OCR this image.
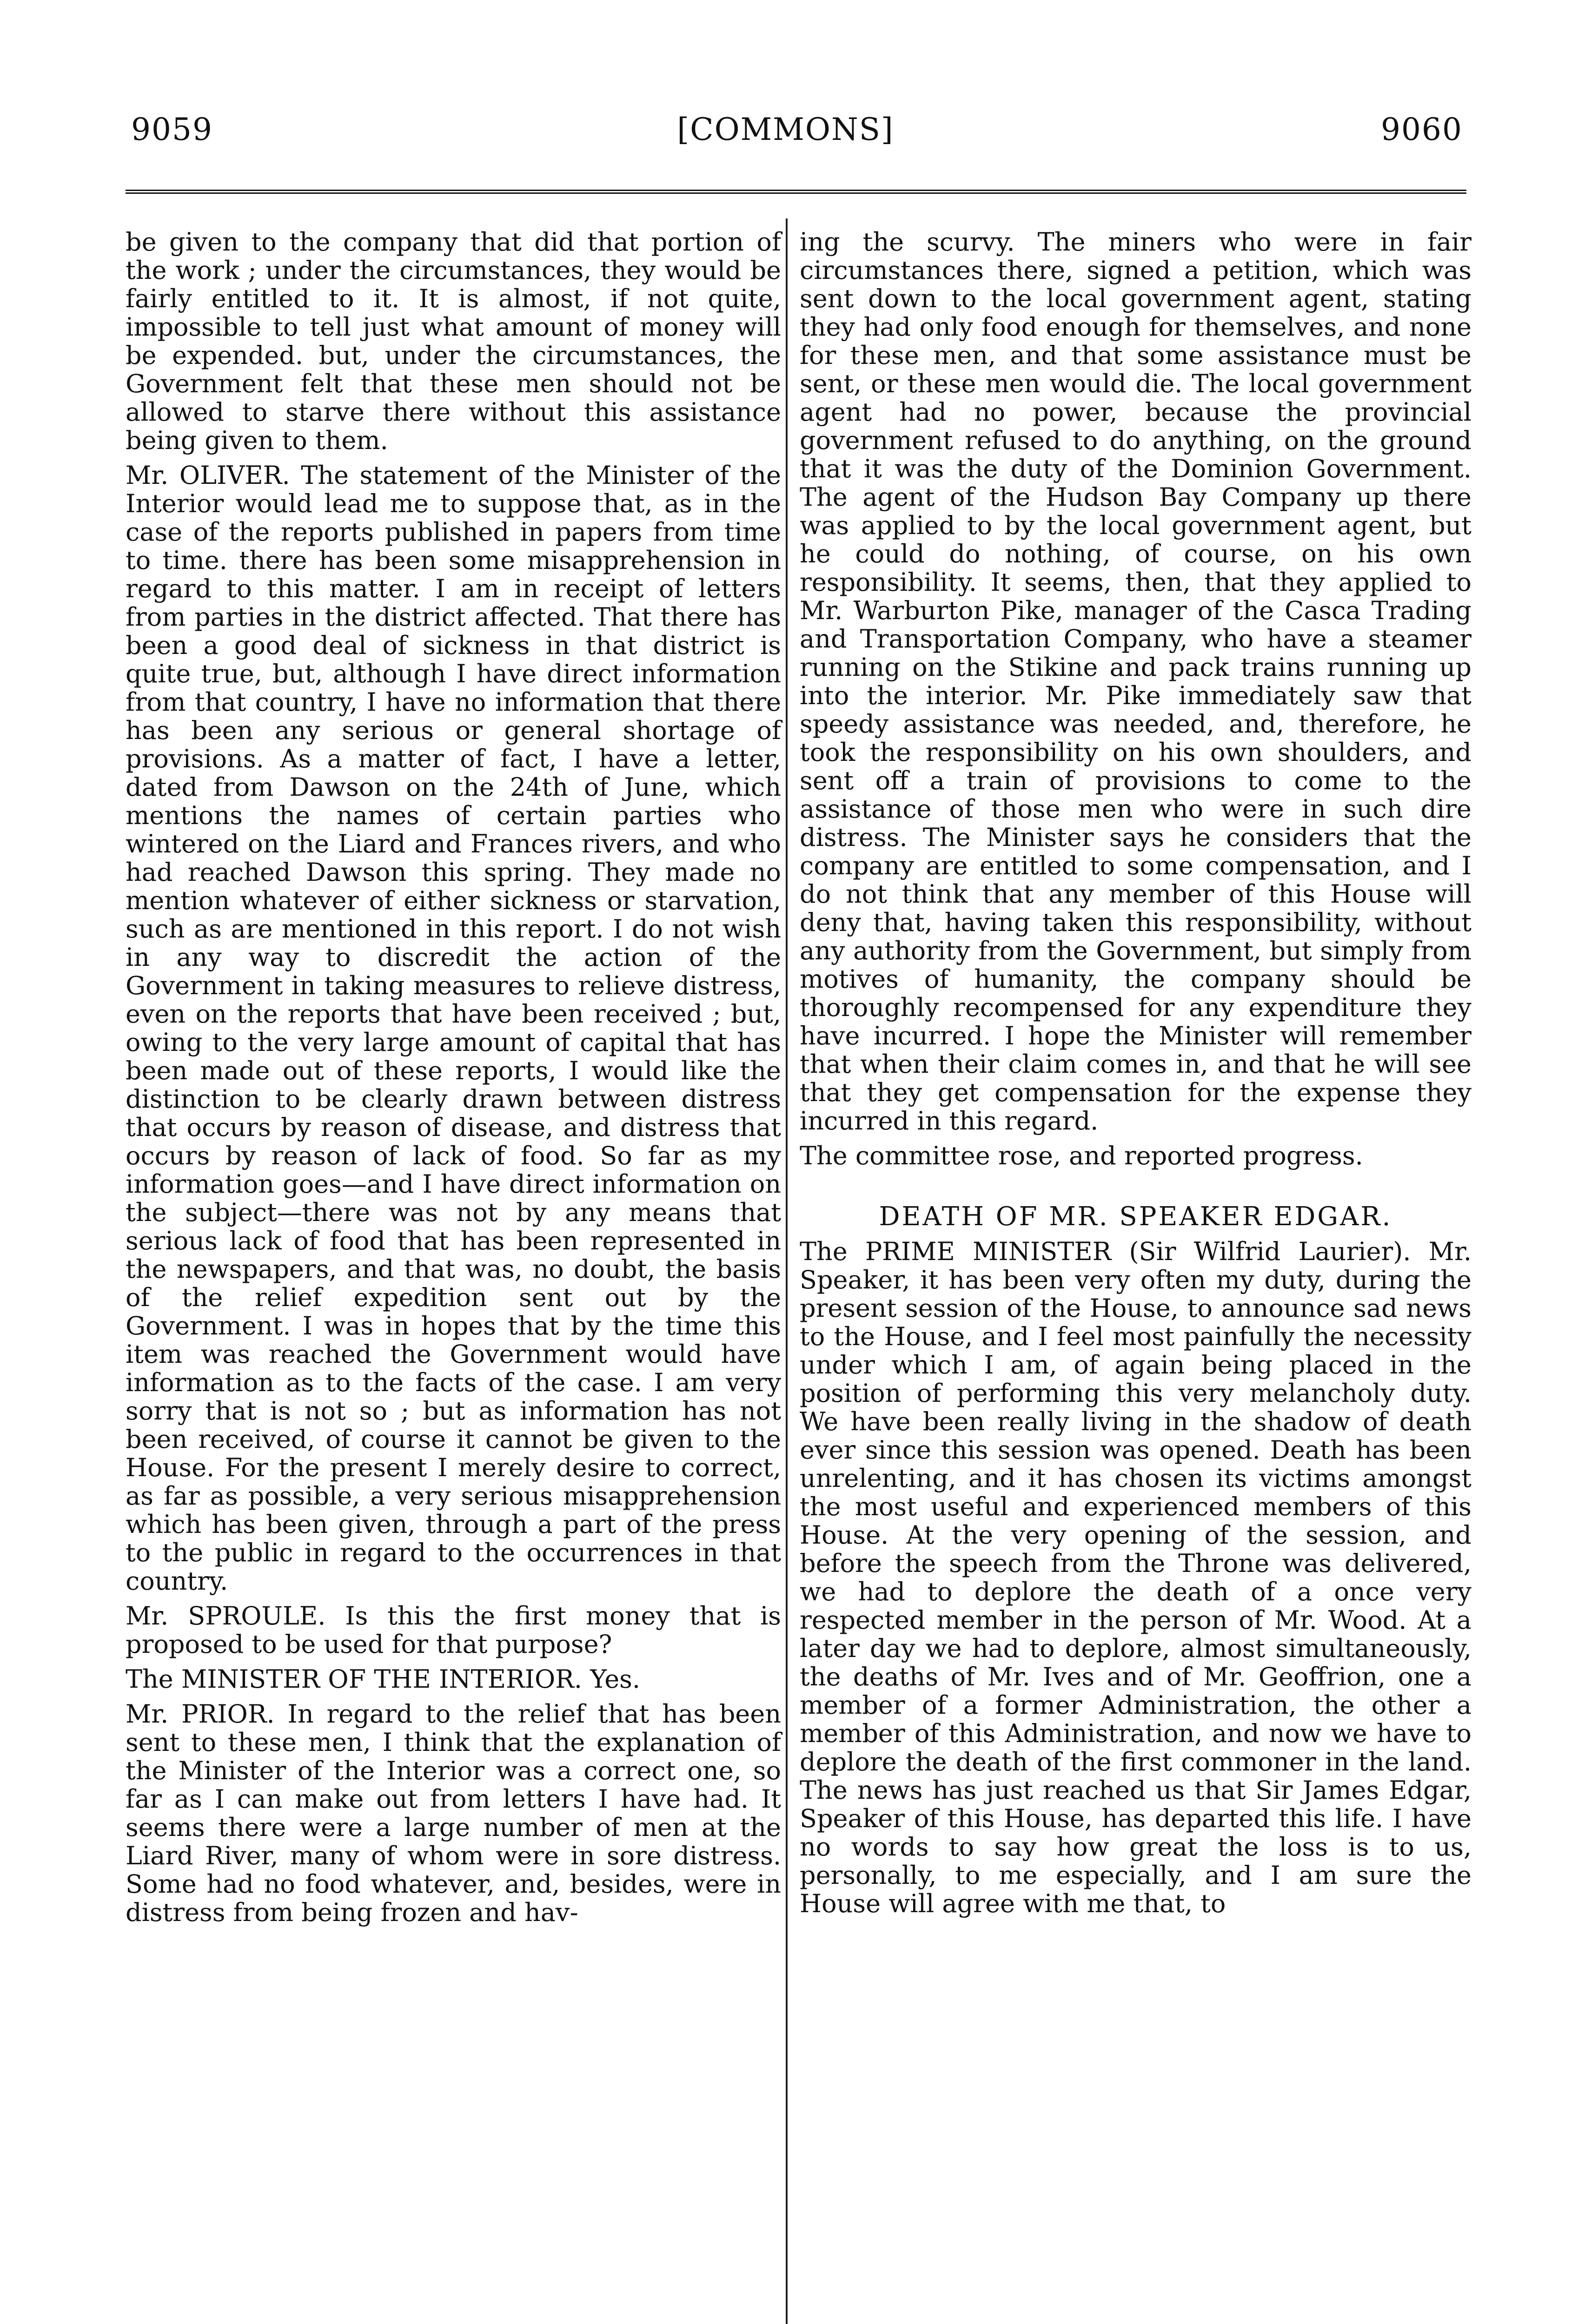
9059	[COMMONS]	9060

be given to the company that did that portion of the work ; under the circumstances, they would be fairly entitled to it. It is almost, if not quite, impossible to tell just what amount of money will be expended. but, under the circumstances, the Government felt that these men should not be allowed to starve there without this assistance being given to them.

Mr. OLIVER. The statement of the Minister of the Interior would lead me to suppose that, as in the case of the reports published in papers from time to time. there has been some misapprehension in regard to this matter. I am in receipt of letters from parties in the district affected. That there has been a good deal of sickness in that district is quite true, but, although I have direct information from that country, I have no information that there has been any serious or general shortage of provisions. As a matter of fact, I have a letter, dated from Dawson on the 24th of June, which mentions the names of certain parties who wintered on the Liard and Frances rivers, and who had reached Dawson this spring. They made no mention whatever of either sickness or starvation, such as are mentioned in this report. I do not wish in any way to discredit the action of the Government in taking measures to relieve distress, even on the reports that have been received ; but, owing to the very large amount of capital that has been made out of these reports, I would like the distinction to be clearly drawn between distress that occurs by reason of disease, and distress that occurs by reason of lack of food. So far as my information goes—and I have direct information on the subject—there was not by any means that serious lack of food that has been represented in the newspapers, and that was, no doubt, the basis of the relief expedition sent out by the Government. I was in hopes that by the time this item was reached the Government would have information as to the facts of the case. I am very sorry that is not so ; but as information has not been received, of course it cannot be given to the House. For the present I merely desire to correct, as far as possible, a very serious misapprehension which has been given, through a part of the press to the public in regard to the occurrences in that country.

Mr. SPROULE. Is this the first money that is proposed to be used for that purpose?

The MINISTER OF THE INTERIOR. Yes.

Mr. PRIOR. In regard to the relief that has been sent to these men, I think that the explanation of the Minister of the Interior was a correct one, so far as I can make out from letters I have had. It seems there were a large number of men at the Liard River, many of whom were in sore distress. Some had no food whatever, and, besides, were in distress from being frozen and hav-

ing the scurvy. The miners who were in fair circumstances there, signed a petition, which was sent down to the local government agent, stating they had only food enough for themselves, and none for these men, and that some assistance must be sent, or these men would die. The local government agent had no power, because the provincial government refused to do anything, on the ground that it was the duty of the Dominion Government. The agent of the Hudson Bay Company up there was applied to by the local government agent, but he could do nothing, of course, on his own responsibility. It seems, then, that they applied to Mr. Warburton Pike, manager of the Casca Trading and Transportation Company, who have a steamer running on the Stikine and pack trains running up into the interior. Mr. Pike immediately saw that speedy assistance was needed, and, therefore, he took the responsibility on his own shoulders, and sent off a train of provisions to come to the assistance of those men who were in such dire distress. The Minister says he considers that the company are entitled to some compensation, and I do not think that any member of this House will deny that, having taken this responsibility, without any authority from the Government, but simply from motives of humanity, the company should be thoroughly recompensed for any expenditure they have incurred. I hope the Minister will remember that when their claim comes in, and that he will see that they get compensation for the expense they incurred in this regard.

The committee rose, and reported progress.

DEATH OF MR. SPEAKER EDGAR.

The PRIME MINISTER (Sir Wilfrid Laurier). Mr. Speaker, it has been very often my duty, during the present session of the House, to announce sad news to the House, and I feel most painfully the necessity under which I am, of again being placed in the position of performing this very melancholy duty. We have been really living in the shadow of death ever since this session was opened. Death has been unrelenting, and it has chosen its victims amongst the most useful and experienced members of this House. At the very opening of the session, and before the speech from the Throne was delivered, we had to deplore the death of a once very respected member in the person of Mr. Wood. At a later day we had to deplore, almost simultaneously, the deaths of Mr. Ives and of Mr. Geoffrion, one a member of a former Administration, the other a member of this Administration, and now we have to deplore the death of the first commoner in the land. The news has just reached us that Sir James Edgar, Speaker of this House, has departed this life. I have no words to say how great the loss is to us, personally, to me especially, and I am sure the House will agree with me that, to
